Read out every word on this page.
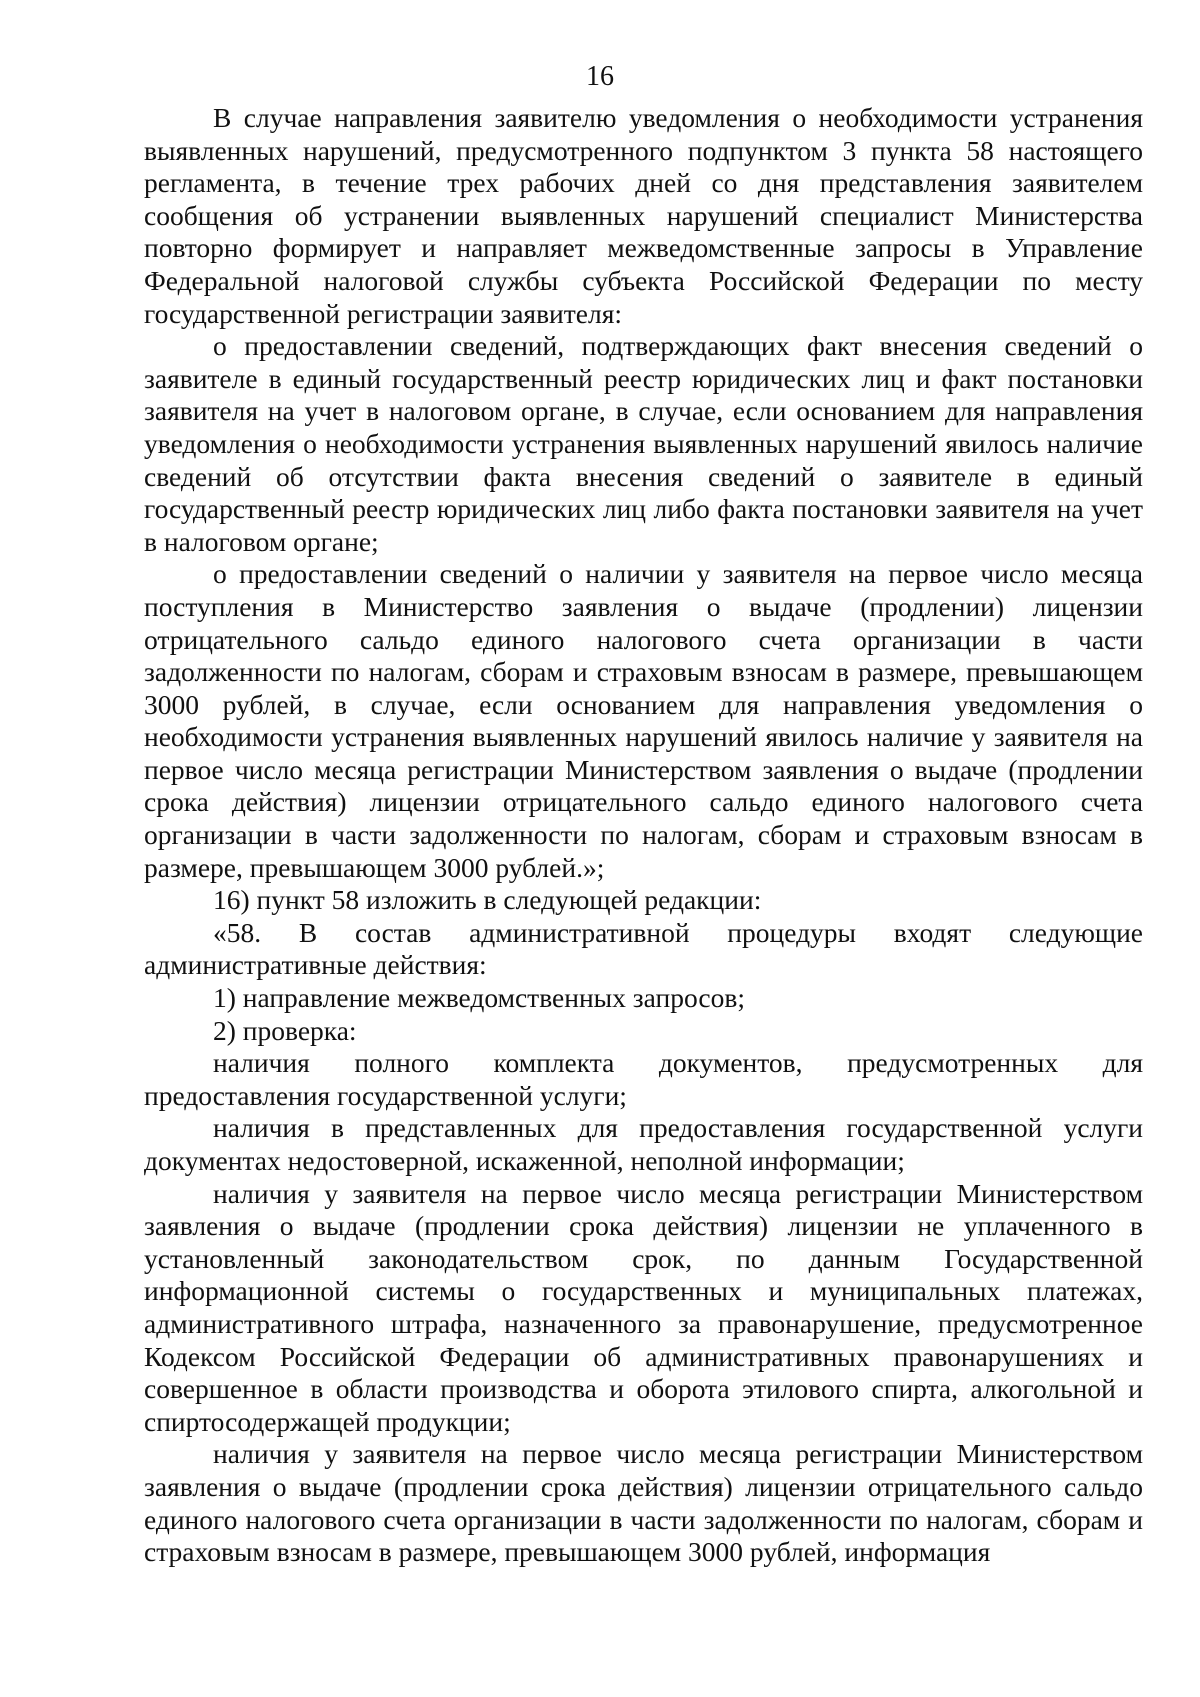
16

В случае направления заявителю уведомления о необходимости устранения выявленных нарушений, предусмотренного подпунктом 3 пункта 58 настоящего регламента, в течение трех рабочих дней со дня представления заявителем сообщения об устранении выявленных нарушений специалист Министерства повторно формирует и направляет межведомственные запросы в Управление Федеральной налоговой службы субъекта Российской Федерации по месту государственной регистрации заявителя:

о предоставлении сведений, подтверждающих факт внесения сведений о заявителе в единый государственный реестр юридических лиц и факт постановки заявителя на учет в налоговом органе, в случае, если основанием для направления уведомления о необходимости устранения выявленных нарушений явилось наличие сведений об отсутствии факта внесения сведений о заявителе в единый государственный реестр юридических лиц либо факта постановки заявителя на учет в налоговом органе;

о предоставлении сведений о наличии у заявителя на первое число месяца поступления в Министерство заявления о выдаче (продлении) лицензии отрицательного сальдо единого налогового счета организации в части задолженности по налогам, сборам и страховым взносам в размере, превышающем 3000 рублей, в случае, если основанием для направления уведомления о необходимости устранения выявленных нарушений явилось наличие у заявителя на первое число месяца регистрации Министерством заявления о выдаче (продлении срока действия) лицензии отрицательного сальдо единого налогового счета организации в части задолженности по налогам, сборам и страховым взносам в размере, превышающем 3000 рублей.»;

16) пункт 58 изложить в следующей редакции:

«58. В состав административной процедуры входят следующие административные действия:

1) направление межведомственных запросов;

2) проверка:

наличия полного комплекта документов, предусмотренных для предоставления государственной услуги;

наличия в представленных для предоставления государственной услуги документах недостоверной, искаженной, неполной информации;

наличия у заявителя на первое число месяца регистрации Министерством заявления о выдаче (продлении срока действия) лицензии не уплаченного в установленный законодательством срок, по данным Государственной информационной системы о государственных и муниципальных платежах, административного штрафа, назначенного за правонарушение, предусмотренное Кодексом Российской Федерации об административных правонарушениях и совершенное в области производства и оборота этилового спирта, алкогольной и спиртосодержащей продукции;

наличия у заявителя на первое число месяца регистрации Министерством заявления о выдаче (продлении срока действия) лицензии отрицательного сальдо единого налогового счета организации в части задолженности по налогам, сборам и страховым взносам в размере, превышающем 3000 рублей, информация
